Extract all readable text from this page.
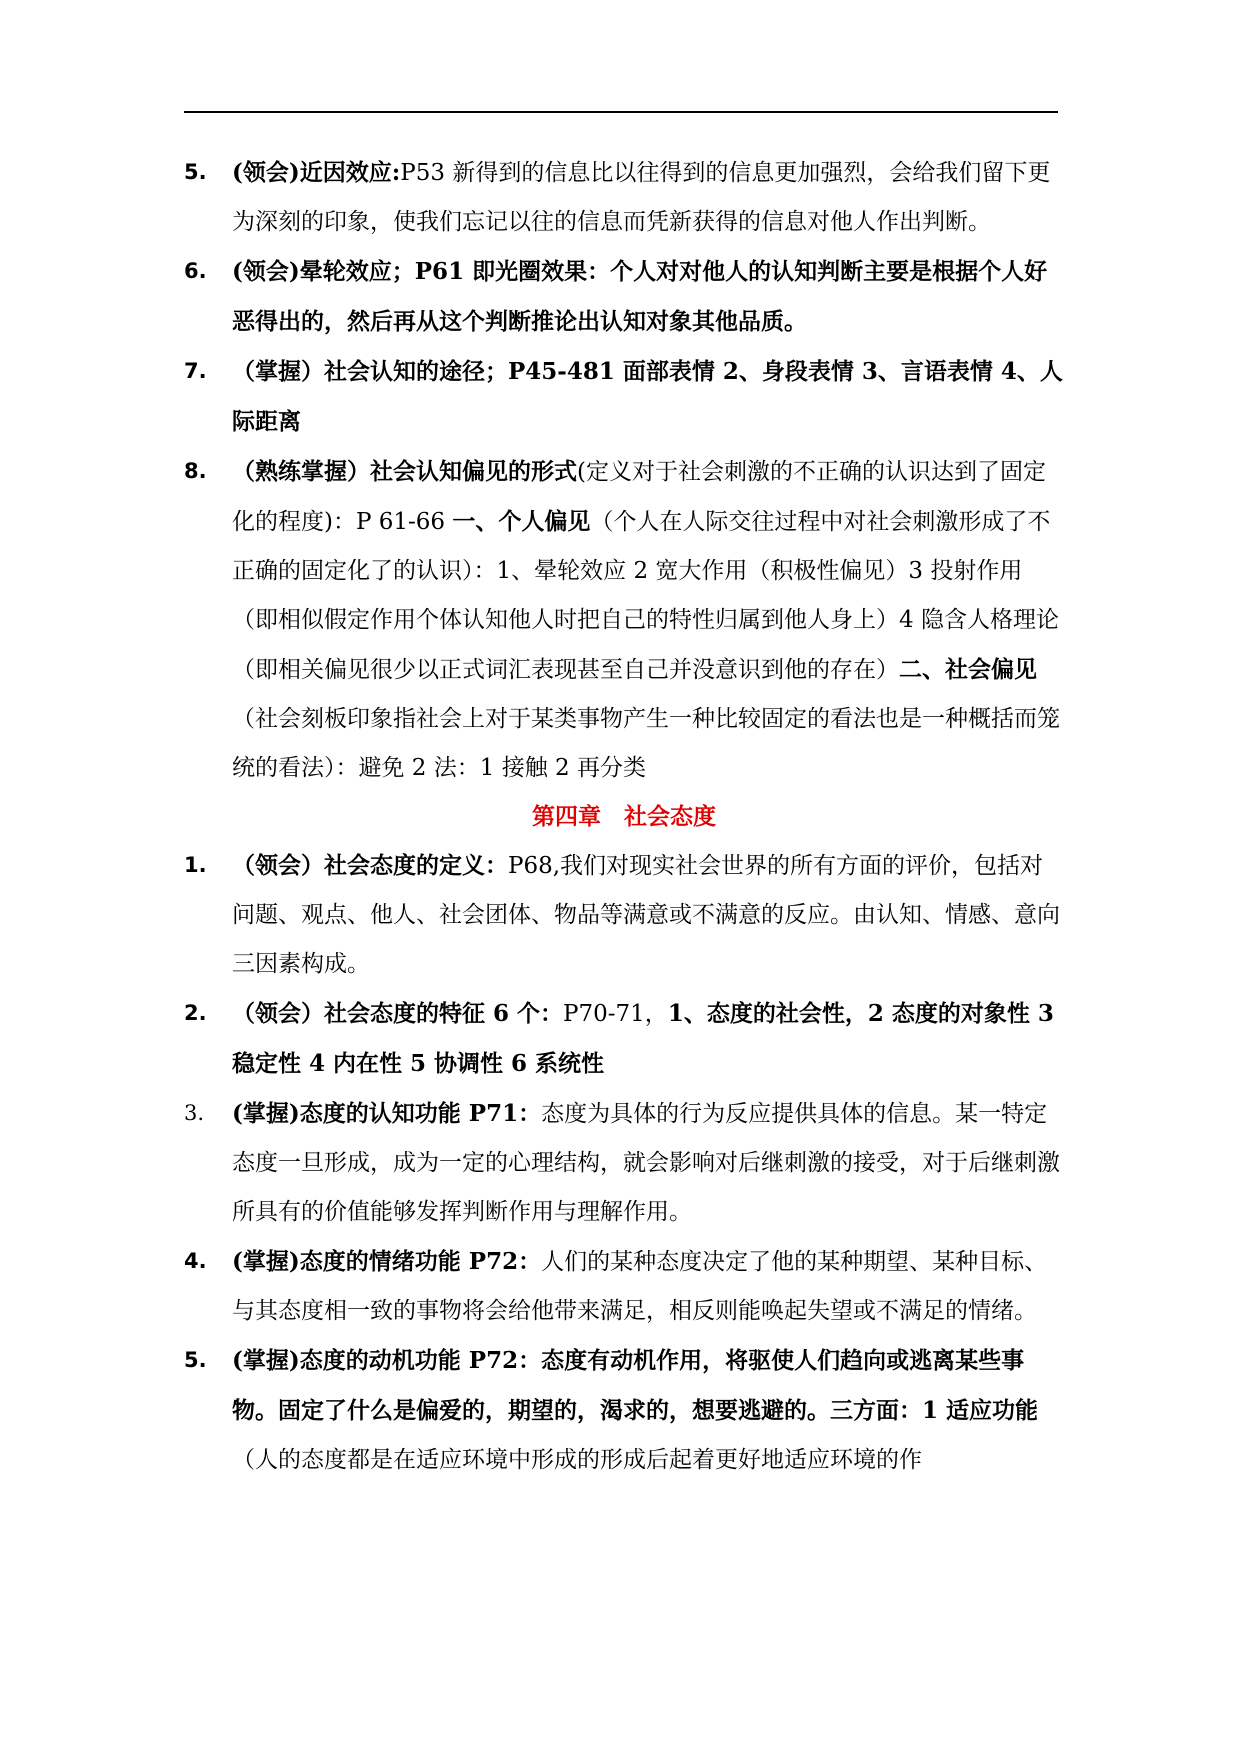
5. (领会)近因效应:P53 新得到的信息比以往得到的信息更加强烈，会给我们留下更为深刻的印象，使我们忘记以往的信息而凭新获得的信息对他人作出判断。

6. (领会)晕轮效应；P61 即光圈效果：个人对对他人的认知判断主要是根据个人好恶得出的，然后再从这个判断推论出认知对象其他品质。

7. （掌握）社会认知的途径；P45-481 面部表情 2、身段表情 3、言语表情 4、人际距离

8. （熟练掌握）社会认知偏见的形式(定义对于社会刺激的不正确的认识达到了固定化的程度)：P 61-66 一、个人偏见（个人在人际交往过程中对社会刺激形成了不正确的固定化了的认识）：1、晕轮效应 2 宽大作用（积极性偏见）3 投射作用（即相似假定作用个体认知他人时把自己的特性归属到他人身上）4 隐含人格理论（即相关偏见很少以正式词汇表现甚至自己并没意识到他的存在）二、社会偏见（社会刻板印象指社会上对于某类事物产生一种比较固定的看法也是一种概括而笼统的看法）：避免 2 法：1 接触 2 再分类

第四章　社会态度

1. （领会）社会态度的定义：P68,我们对现实社会世界的所有方面的评价，包括对问题、观点、他人、社会团体、物品等满意或不满意的反应。由认知、情感、意向三因素构成。

2. （领会）社会态度的特征 6 个：P70-71，1、态度的社会性，2 态度的对象性 3 稳定性 4 内在性 5 协调性 6 系统性

3. (掌握)态度的认知功能 P71：态度为具体的行为反应提供具体的信息。某一特定态度一旦形成，成为一定的心理结构，就会影响对后继刺激的接受，对于后继刺激所具有的价值能够发挥判断作用与理解作用。

4. (掌握)态度的情绪功能 P72：人们的某种态度决定了他的某种期望、某种目标、与其态度相一致的事物将会给他带来满足，相反则能唤起失望或不满足的情绪。

5. (掌握)态度的动机功能 P72：态度有动机作用，将驱使人们趋向或逃离某些事物。固定了什么是偏爱的，期望的，渴求的，想要逃避的。三方面：1 适应功能（人的态度都是在适应环境中形成的形成后起着更好地适应环境的作
